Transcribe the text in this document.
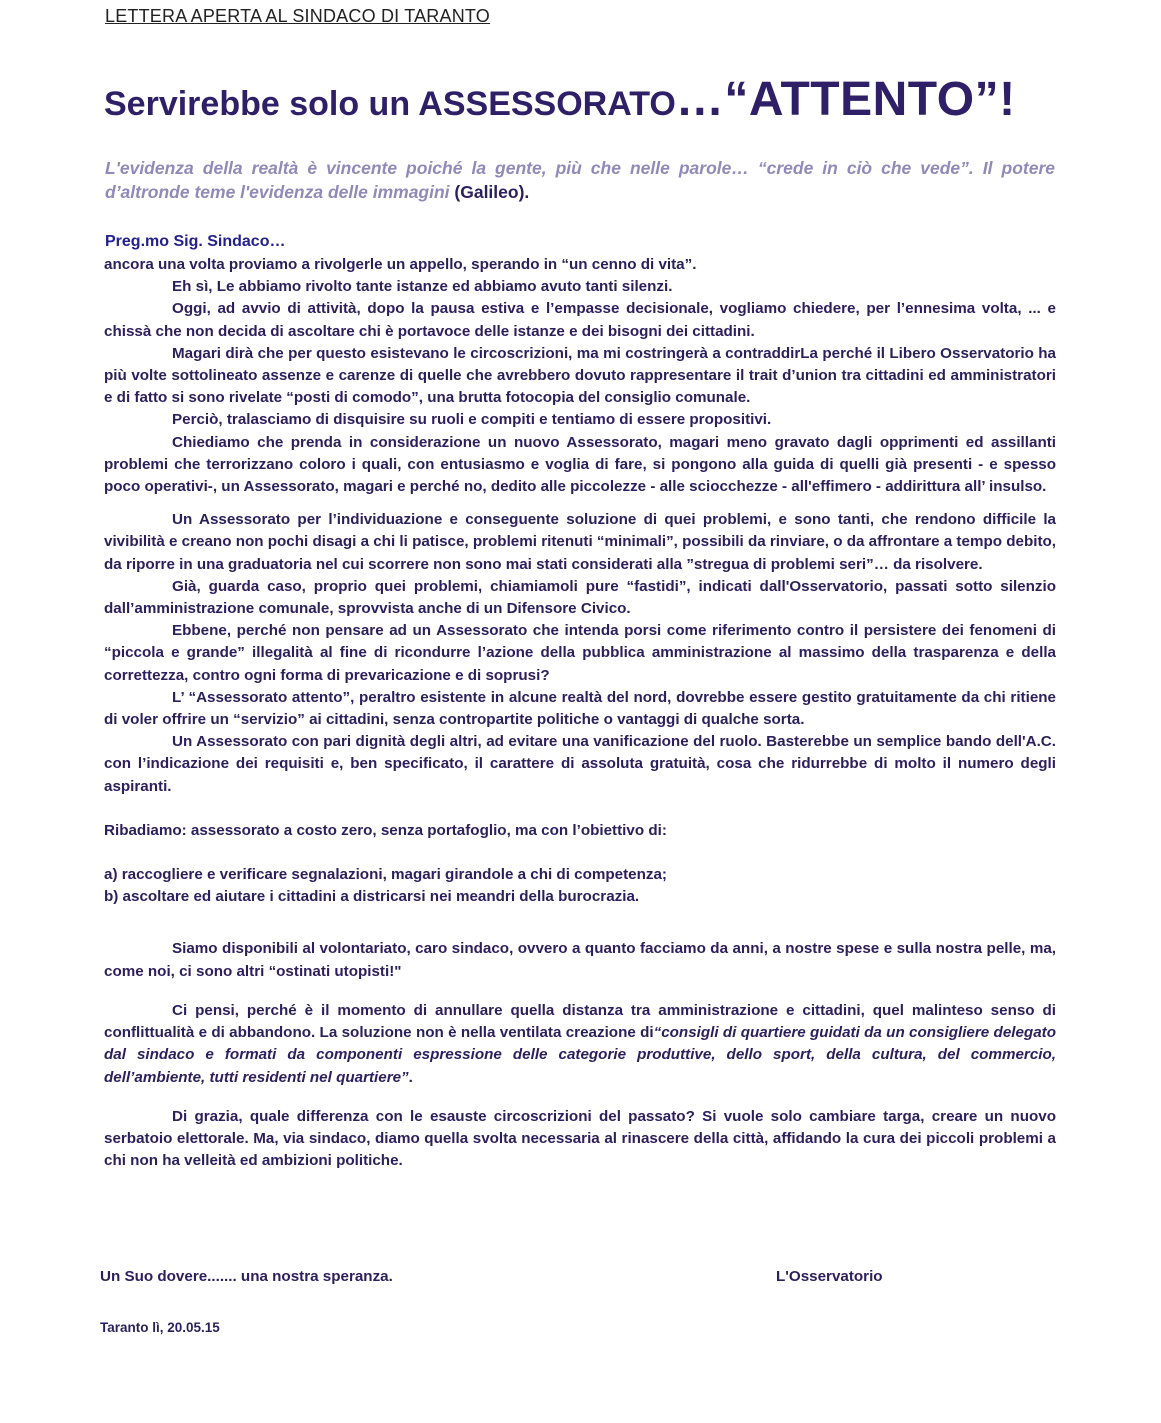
LETTERA APERTA AL SINDACO DI TARANTO
Servirebbe solo un ASSESSORATO…“ATTENTO”!
L'evidenza della realtà è vincente poiché la gente, più che nelle parole… “crede in ciò che vede”. Il potere d’altronde teme l'evidenza delle immagini (Galileo).
Preg.mo Sig. Sindaco…

ancora una volta proviamo a rivolgerle un appello, sperando in “un cenno di vita”.

Eh sì, Le abbiamo rivolto tante istanze ed abbiamo avuto tanti silenzi.

Oggi, ad avvio di attività, dopo la pausa estiva e l’empasse decisionale, vogliamo chiedere, per l’ennesima volta, ... e chissà che non decida di ascoltare chi è portavoce delle istanze e dei bisogni dei cittadini.

Magari dirà che per questo esistevano le circoscrizioni, ma mi costringerà a contraddirLa perché il Libero Osservatorio ha più volte sottolineato assenze e carenze di quelle che avrebbero dovuto rappresentare il trait d’union tra cittadini ed amministratori e di fatto si sono rivelate “posti di comodo”, una brutta fotocopia del consiglio comunale.

Perciò, tralasciamo di disquisire su ruoli e compiti e tentiamo di essere propositivi.

Chiediamo che prenda in considerazione un nuovo Assessorato, magari meno gravato dagli opprimenti ed assillanti problemi che terrorizzano coloro i quali, con entusiasmo e voglia di fare, si pongono alla guida di quelli già presenti - e spesso poco operativi-, un Assessorato, magari e perché no, dedito alle piccolezze - alle sciocchezze - all'effimero - addirittura all’ insulso.

Un Assessorato per l’individuazione e conseguente soluzione di quei problemi, e sono tanti, che rendono difficile la vivibilità e creano non pochi disagi a chi li patisce, problemi ritenuti “minimali”, possibili da rinviare, o da affrontare a tempo debito, da riporre in una graduatoria nel cui scorrere non sono mai stati considerati alla ”stregua di problemi seri”… da risolvere.

Già, guarda caso, proprio quei problemi, chiamiamoli pure “fastidi”, indicati dall'Osservatorio, passati sotto silenzio dall’amministrazione comunale, sprovvista anche di un Difensore Civico.

Ebbene, perché non pensare ad un Assessorato che intenda porsi come riferimento contro il persistere dei fenomeni di “piccola e grande” illegalità al fine di ricondurre l’azione della pubblica amministrazione al massimo della trasparenza e della correttezza, contro ogni forma di prevaricazione e di soprusi?

L’ “Assessorato attento”, peraltro esistente in alcune realtà del nord, dovrebbe essere gestito gratuitamente da chi ritiene di voler offrire un “servizio” ai cittadini, senza contropartite politiche o vantaggi di qualche sorta.

Un Assessorato con pari dignità degli altri, ad evitare una vanificazione del ruolo. Basterebbe un semplice bando dell'A.C. con l’indicazione dei requisiti e, ben specificato, il carattere di assoluta gratuità, cosa che ridurrebbe di molto il numero degli aspiranti.

Ribadiamo: assessorato a costo zero, senza portafoglio, ma con l’obiettivo di:

a) raccogliere e verificare segnalazioni, magari girandole a chi di competenza;

b) ascoltare ed aiutare i cittadini a districarsi nei meandri della burocrazia.

Siamo disponibili al volontariato, caro sindaco, ovvero a quanto facciamo da anni, a nostre spese e sulla nostra pelle, ma, come noi, ci sono altri “ostinati utopisti!"

Ci pensi, perché è il momento di annullare quella distanza tra amministrazione e cittadini, quel malinteso senso di conflittualità e di abbandono. La soluzione non è nella ventilata creazione di“consigli di quartiere guidati da un consigliere delegato dal sindaco e formati da componenti espressione delle categorie produttive, dello sport, della cultura, del commercio, dell’ambiente, tutti residenti nel quartiere”.

Di grazia, quale differenza con le esauste circoscrizioni del passato? Si vuole solo cambiare targa, creare un nuovo serbatoio elettorale. Ma, via sindaco, diamo quella svolta necessaria al rinascere della città, affidando la cura dei piccoli problemi a chi non ha velleità ed ambizioni politiche.

Un Suo dovere....... una nostra speranza.	L'Osservatorio
Taranto lì, 20.05.15
